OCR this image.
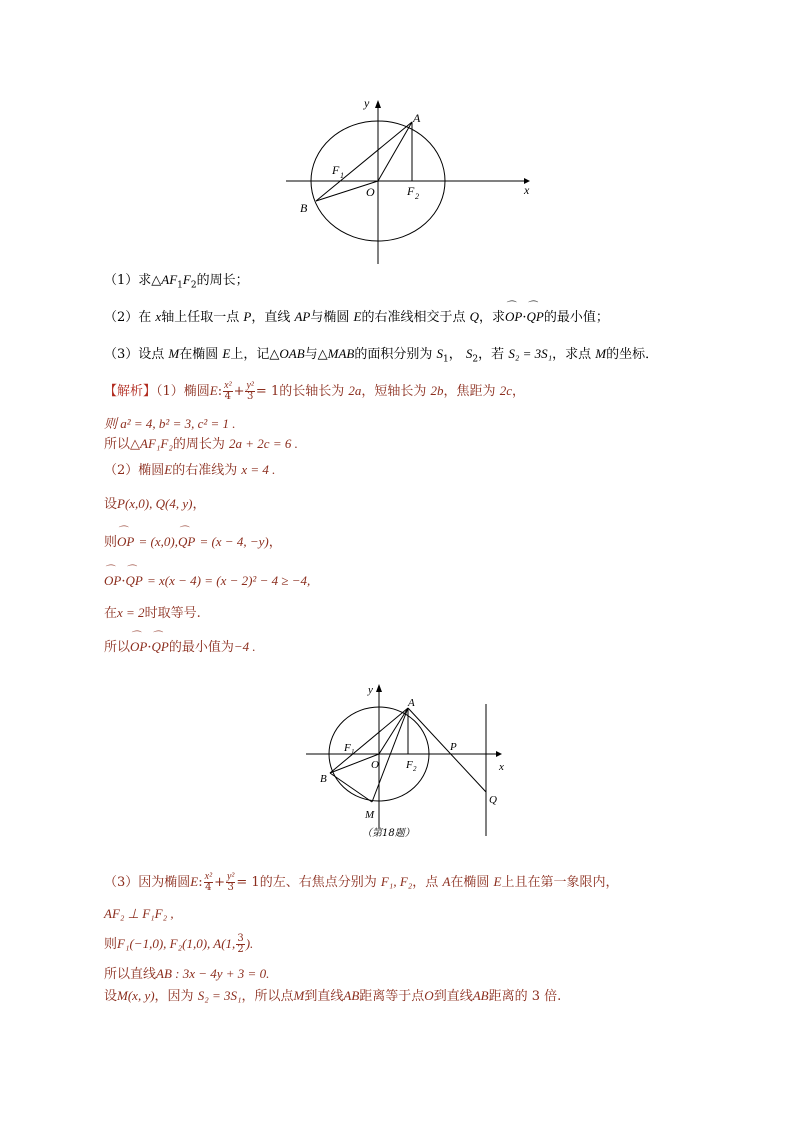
y
x
A
B
O
F 1
F 2
（1）求$\triangle AF_1F_2$的周长；
（2）在 x轴上任取一点 P，直线 AP与椭圆 E的右准线相交于点 Q，求⌒ OP·⌒ QP的最小值；
（3）设点 M在椭圆 E上，记△OAB与△MAB的面积分别为 $S_1$， $S_2$，若 S₂ = 3S₁，求点 M的坐标．
【解析】（1）椭圆E: $\frac{\text{x²}}{4} + \frac{\text{y²}}{3} = 1$的长轴长为 2a，短轴长为 2b，焦距为 2c，
则 a² = 4, b² = 3, c² = 1 .
所以△AF₁F₂的周长为 2a + 2c = 6 .
（2）椭圆E的右准线为 x = 4 .
设P(x,0), Q(4, y)，
则⌒ OP = (x,0),⌒ QP = (x − 4, −y)，
⌒ OP·⌒ QP = x(x − 4) = (x − 2)² − 4 ≥ −4,
在x = 2时取等号.
所以⌒ OP·⌒ QP的最小值为−4 .
y
x
A
B
O
F 1
F 2
M
P
Q
（第18题）
（3）因为椭圆E: $\frac{\text{x²}}{4} + \frac{\text{y²}}{3} = 1$的左、右焦点分别为 F₁, F₂，点 A在椭圆 E上且在第一象限内，
AF₂ ⊥ F₁F₂ ,
则F₁(−1,0), F₂(1,0), A(1, $\frac{3}{2}$ ).
所以直线AB : 3x − 4y + 3 = 0.
设M(x, y)，因为 S₂ = 3S₁，所以点M到直线AB距离等于点O到直线AB距离的 3 倍.
